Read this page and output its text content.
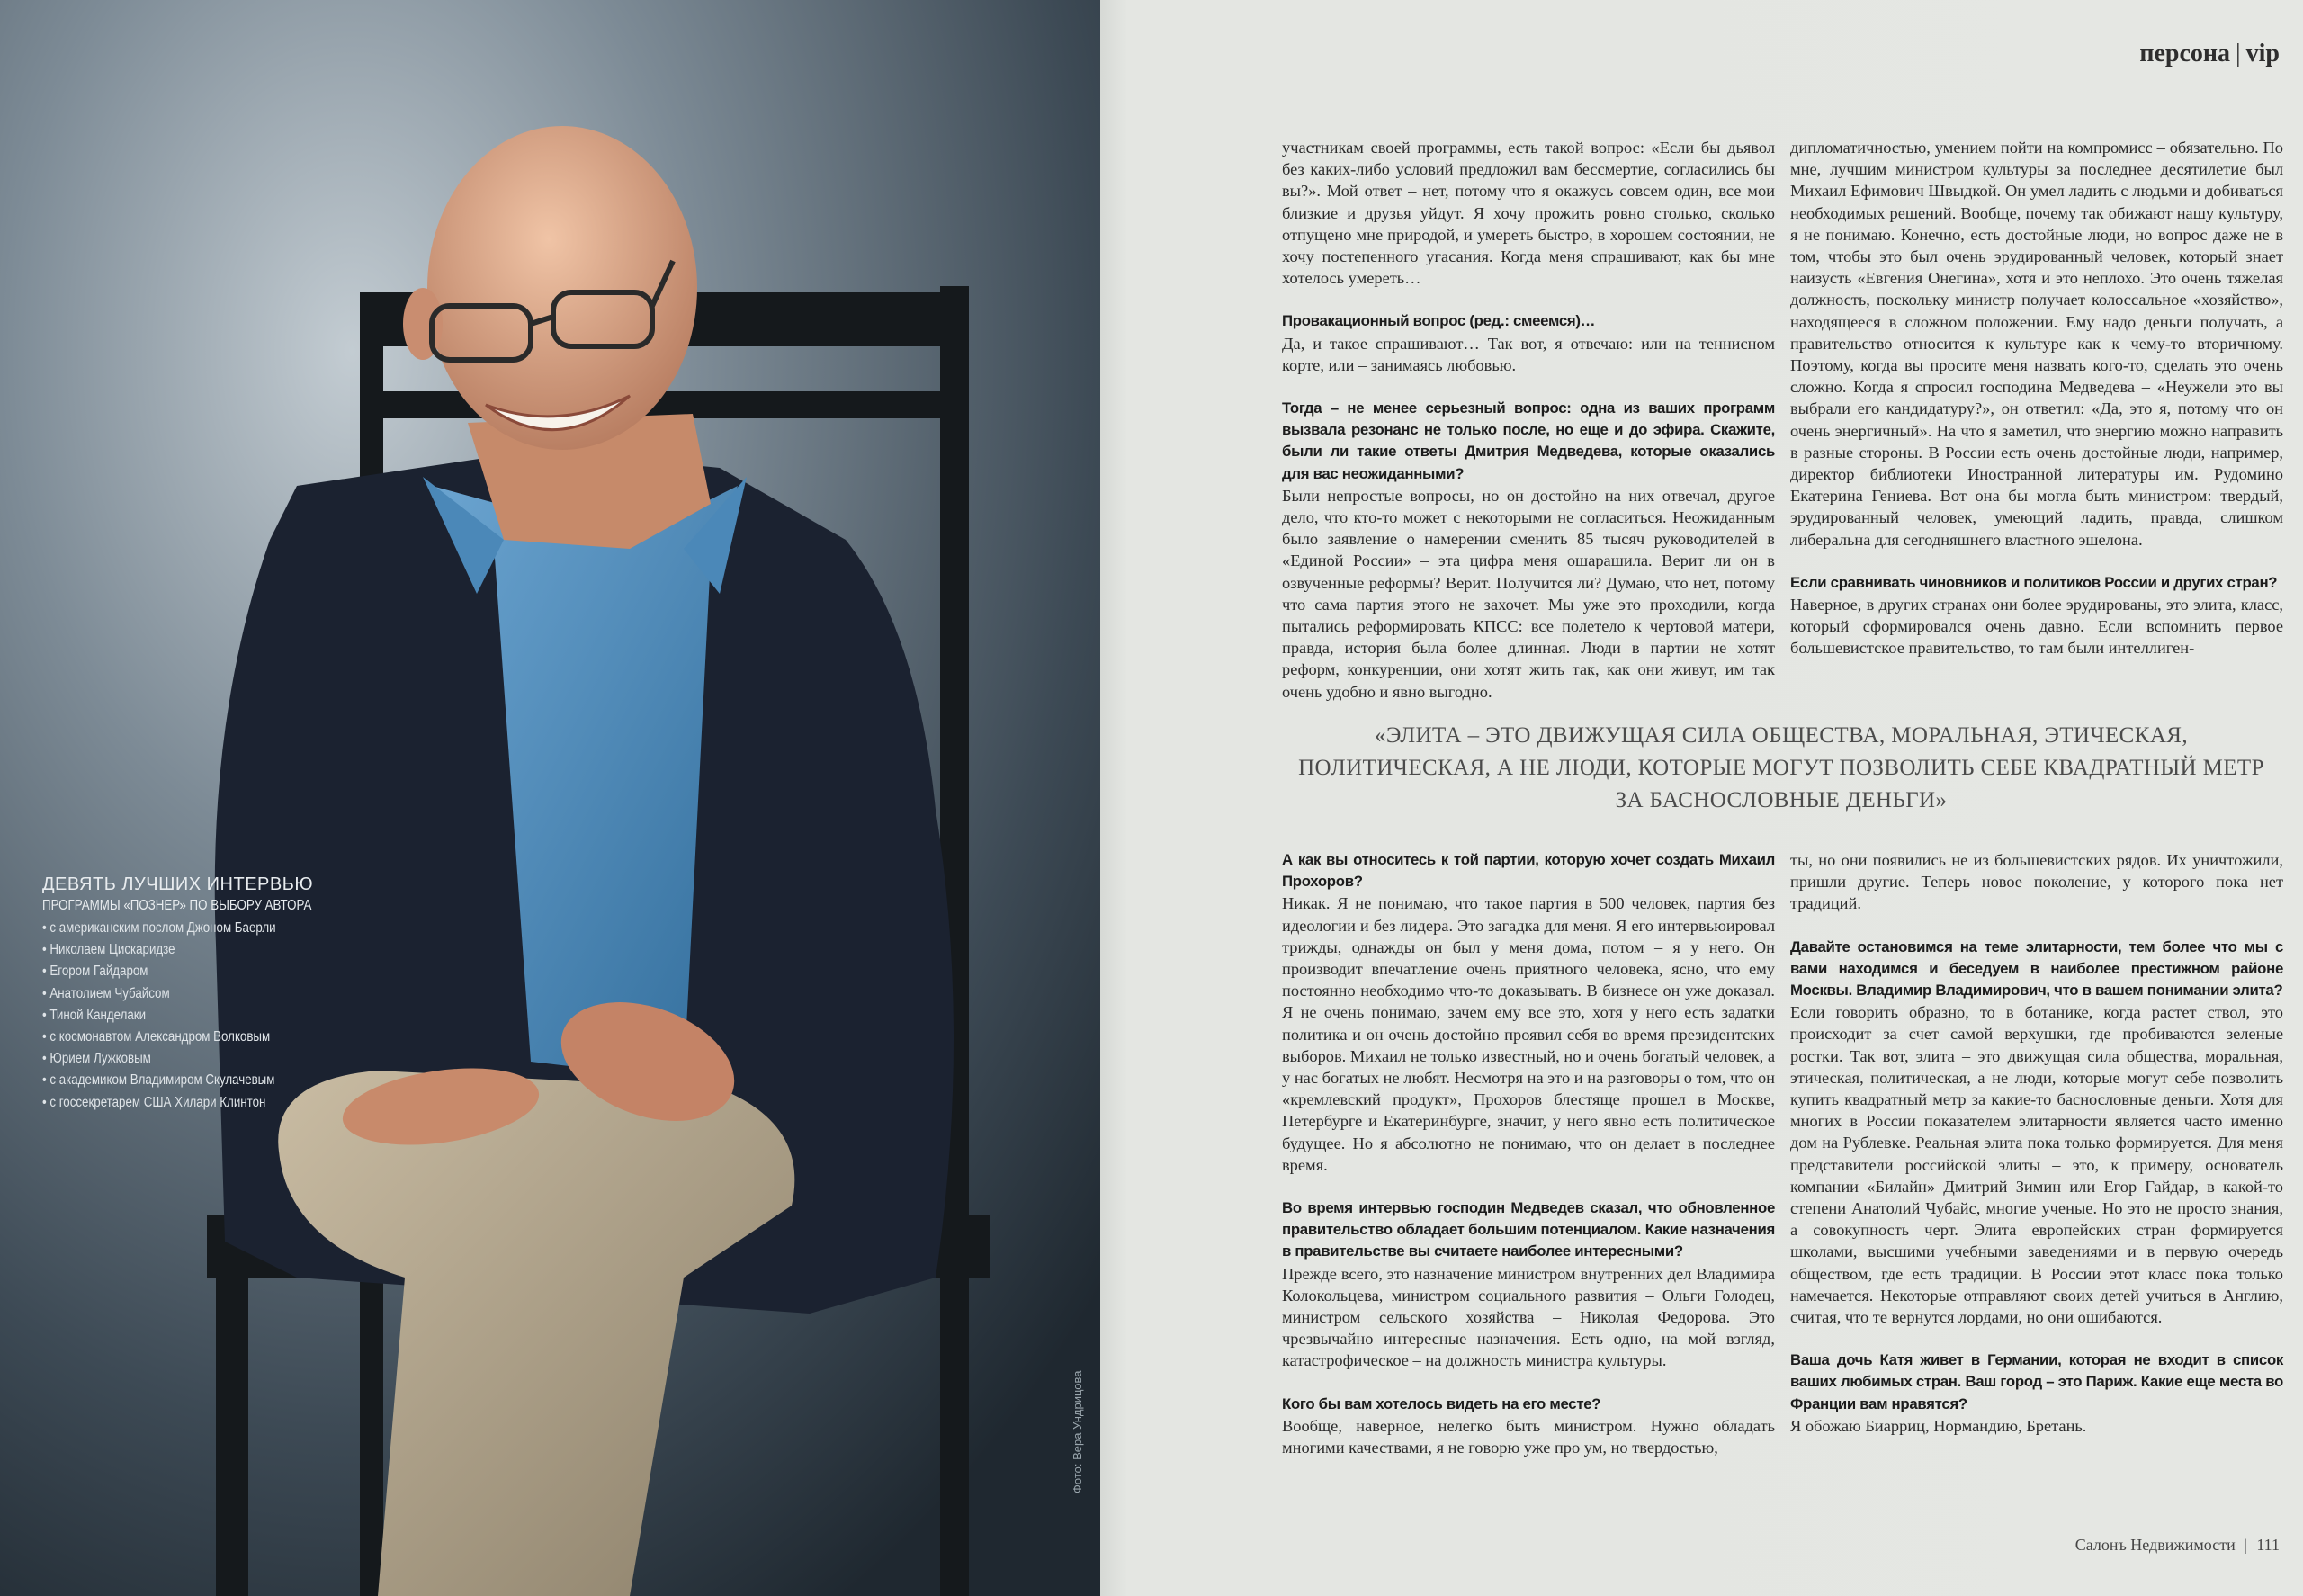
ДЕВЯТЬ ЛУЧШИХ ИНТЕРВЬЮ
ПРОГРАММЫ «ПОЗНЕР» ПО ВЫБОРУ АВТОРА
• с американским послом Джоном Баерли
• Николаем Цискаридзе
• Егором Гайдаром
• Анатолием Чубайсом
• Тиной Канделаки
• с космонавтом Александром Волковым
• Юрием Лужковым
• с академиком Владимиром Скулачевым
• с госсекретарем США Хилари Клинтон
Фото: Вера Ундрицова
персона | vip

участникам своей программы, есть такой вопрос: «Если бы дьявол без каких-либо условий предложил вам бессмертие, согласились бы вы?». Мой ответ – нет, потому что я окажусь совсем один, все мои близкие и друзья уйдут. Я хочу прожить ровно столько, сколько отпущено мне природой, и умереть быстро, в хорошем состоянии, не хочу постепенного угасания. Когда меня спрашивают, как бы мне хотелось умереть…

Провакационный вопрос (ред.: смеемся)…

Да, и такое спрашивают… Так вот, я отвечаю: или на теннисном корте, или – занимаясь любовью.

Тогда – не менее серьезный вопрос: одна из ваших программ вызвала резонанс не только после, но еще и до эфира. Скажите, были ли такие ответы Дмитрия Медведева, которые оказались для вас неожиданными?

Были непростые вопросы, но он достойно на них отвечал, другое дело, что кто-то может с некоторыми не согласиться. Неожиданным было заявление о намерении сменить 85 тысяч руководителей в «Единой России» – эта цифра меня ошарашила. Верит ли он в озвученные реформы? Верит. Получится ли? Думаю, что нет, потому что сама партия этого не захочет. Мы уже это проходили, когда пытались реформировать КПСС: все полетело к чертовой матери, правда, история была более длинная. Люди в партии не хотят реформ, конкуренции, они хотят жить так, как они живут, им так очень удобно и явно выгодно.

дипломатичностью, умением пойти на компромисс – обязательно. По мне, лучшим министром культуры за последнее десятилетие был Михаил Ефимович Швыдкой. Он умел ладить с людьми и добиваться необходимых решений. Вообще, почему так обижают нашу культуру, я не понимаю. Конечно, есть достойные люди, но вопрос даже не в том, чтобы это был очень эрудированный человек, который знает наизусть «Евгения Онегина», хотя и это неплохо. Это очень тяжелая должность, поскольку министр получает колоссальное «хозяйство», находящееся в сложном положении. Ему надо деньги получать, а правительство относится к культуре как к чему-то вторичному. Поэтому, когда вы просите меня назвать кого-то, сделать это очень сложно. Когда я спросил господина Медведева – «Неужели это вы выбрали его кандидатуру?», он ответил: «Да, это я, потому что он очень энергичный». На что я заметил, что энергию можно направить в разные стороны. В России есть очень достойные люди, например, директор библиотеки Иностранной литературы им. Рудомино Екатерина Гениева. Вот она бы могла быть министром: твердый, эрудированный человек, умеющий ладить, правда, слишком либеральна для сегодняшнего властного эшелона.

Если сравнивать чиновников и политиков России и других стран?

Наверное, в других странах они более эрудированы, это элита, класс, который сформировался очень давно. Если вспомнить первое большевистское правительство, то там были интеллиген-

«ЭЛИТА – ЭТО ДВИЖУЩАЯ СИЛА ОБЩЕСТВА, МОРАЛЬНАЯ, ЭТИЧЕСКАЯ, ПОЛИТИЧЕСКАЯ, А НЕ ЛЮДИ, КОТОРЫЕ МОГУТ ПОЗВОЛИТЬ СЕБЕ КВАДРАТНЫЙ МЕТР ЗА БАСНОСЛОВНЫЕ ДЕНЬГИ»

А как вы относитесь к той партии, которую хочет создать Михаил Прохоров?

Никак. Я не понимаю, что такое партия в 500 человек, партия без идеологии и без лидера. Это загадка для меня. Я его интервьюировал трижды, однажды он был у меня дома, потом – я у него. Он производит впечатление очень приятного человека, ясно, что ему постоянно необходимо что-то доказывать. В бизнесе он уже доказал. Я не очень понимаю, зачем ему все это, хотя у него есть задатки политика и он очень достойно проявил себя во время президентских выборов. Михаил не только известный, но и очень богатый человек, а у нас богатых не любят. Несмотря на это и на разговоры о том, что он «кремлевский продукт», Прохоров блестяще прошел в Москве, Петербурге и Екатеринбурге, значит, у него явно есть политическое будущее. Но я абсолютно не понимаю, что он делает в последнее время.

Во время интервью господин Медведев сказал, что обновленное правительство обладает большим потенциалом. Какие назначения в правительстве вы считаете наиболее интересными?

Прежде всего, это назначение министром внутренних дел Владимира Колокольцева, министром социального развития – Ольги Голодец, министром сельского хозяйства – Николая Федорова. Это чрезвычайно интересные назначения. Есть одно, на мой взгляд, катастрофическое – на должность министра культуры.

Кого бы вам хотелось видеть на его месте?

Вообще, наверное, нелегко быть министром. Нужно обладать многими качествами, я не говорю уже про ум, но твердостью,

ты, но они появились не из большевистских рядов. Их уничтожили, пришли другие. Теперь новое поколение, у которого пока нет традиций.

Давайте остановимся на теме элитарности, тем более что мы с вами находимся и беседуем в наиболее престижном районе Москвы. Владимир Владимирович, что в вашем понимании элита?

Если говорить образно, то в ботанике, когда растет ствол, это происходит за счет самой верхушки, где пробиваются зеленые ростки. Так вот, элита – это движущая сила общества, моральная, этическая, политическая, а не люди, которые могут себе позволить купить квадратный метр за какие-то баснословные деньги. Хотя для многих в России показателем элитарности является часто именно дом на Рублевке. Реальная элита пока только формируется. Для меня представители российской элиты – это, к примеру, основатель компании «Билайн» Дмитрий Зимин или Егор Гайдар, в какой-то степени Анатолий Чубайс, многие ученые. Но это не просто знания, а совокупность черт. Элита европейских стран формируется школами, высшими учебными заведениями и в первую очередь обществом, где есть традиции. В России этот класс пока только намечается. Некоторые отправляют своих детей учиться в Англию, считая, что те вернутся лордами, но они ошибаются.

Ваша дочь Катя живет в Германии, которая не входит в список ваших любимых стран. Ваш город – это Париж. Какие еще места во Франции вам нравятся?

Я обожаю Биарриц, Нормандию, Бретань.

Салонъ Недвижимости | 111
